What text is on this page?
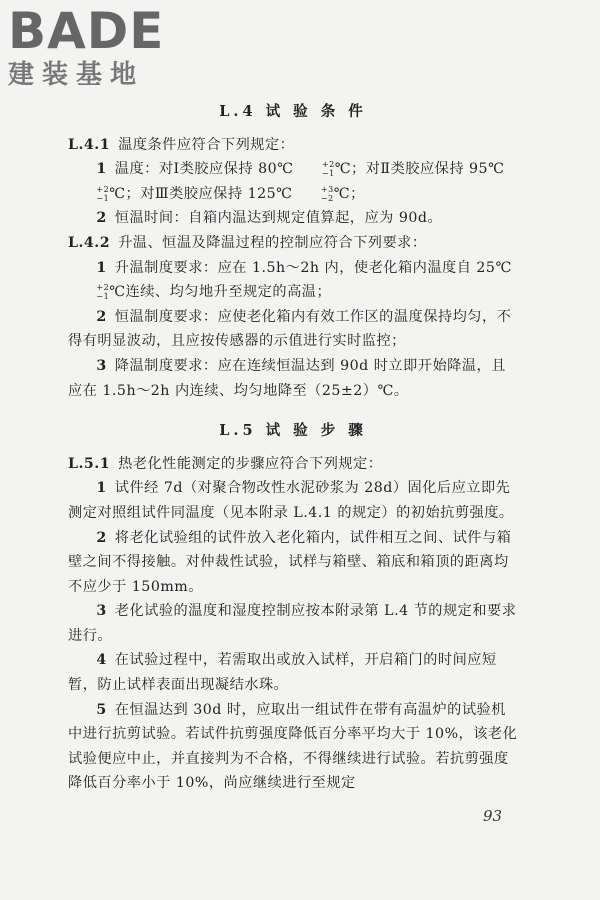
BADE
建装基地
L.4 试 验 条 件

L.4.1 温度条件应符合下列规定：

1 温度：对Ⅰ类胶应保持 80℃	+2
−1 ℃；对Ⅱ类胶应保持 95℃
+2
−1 ℃；对Ⅲ类胶应保持 125℃	+3
−2 ℃；

2 恒温时间：自箱内温达到规定值算起，应为 90d。

L.4.2 升温、恒温及降温过程的控制应符合下列要求：

1 升温制度要求：应在 1.5h～2h 内，使老化箱内温度自 25℃
+2
−1 ℃连续、均匀地升至规定的高温；

2 恒温制度要求：应使老化箱内有效工作区的温度保持均匀，不得有明显波动，且应按传感器的示值进行实时监控；

3 降温制度要求：应在连续恒温达到 90d 时立即开始降温，且应在 1.5h～2h 内连续、均匀地降至（25±2）℃。

L.5 试 验 步 骤

L.5.1 热老化性能测定的步骤应符合下列规定：

1 试件经 7d（对聚合物改性水泥砂浆为 28d）固化后应立即先测定对照组试件同温度（见本附录 L.4.1 的规定）的初始抗剪强度。

2 将老化试验组的试件放入老化箱内，试件相互之间、试件与箱壁之间不得接触。对仲裁性试验，试样与箱壁、箱底和箱顶的距离均不应少于 150mm。

3 老化试验的温度和湿度控制应按本附录第 L.4 节的规定和要求进行。

4 在试验过程中，若需取出或放入试样，开启箱门的时间应短暂，防止试样表面出现凝结水珠。

5 在恒温达到 30d 时，应取出一组试件在带有高温炉的试验机中进行抗剪试验。若试件抗剪强度降低百分率平均大于 10%，该老化试验便应中止，并直接判为不合格，不得继续进行试验。若抗剪强度降低百分率小于 10%，尚应继续进行至规定

93
